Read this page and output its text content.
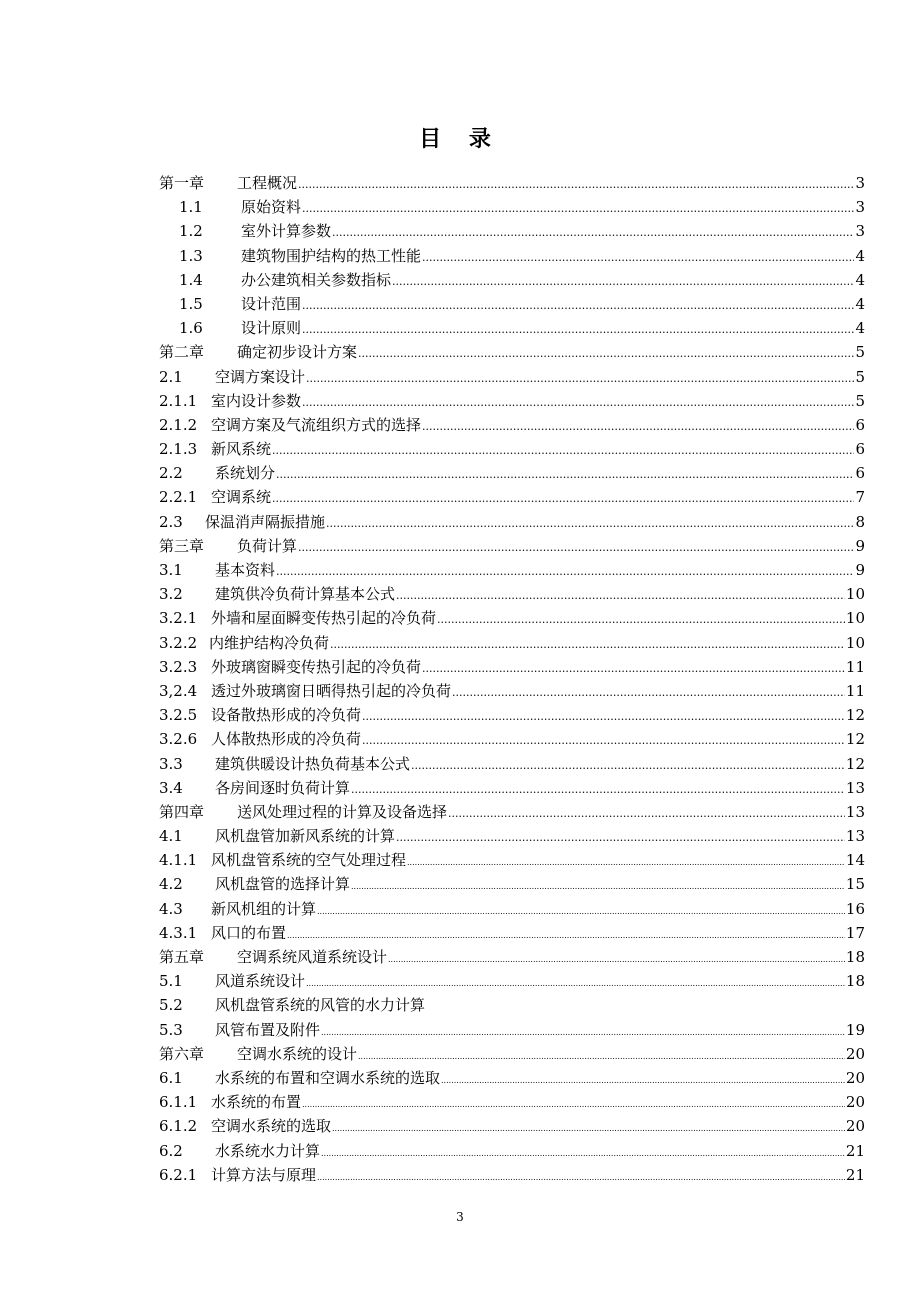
目 录
第一章	工程概况 .....	3
1.1	原始资料 .....	3
1.2	室外计算参数 .....	3
1.3	建筑物围护结构的热工性能 .....	4
1.4	办公建筑相关参数指标 .....	4
1.5	设计范围 .....	4
1.6	设计原则 .....	4
第二章	确定初步设计方案 .....	5
2.1 空调方案设计 .....	5
2.1.1 室内设计参数 .....	5
2.1.2 空调方案及气流组织方式的选择 .....	6
2.1.3 新风系统 .....	6
2.2 系统划分 .....	6
2.2.1 空调系统 .....	7
2.3 保温消声隔振措施 .....	8
第三章	负荷计算 .....	9
3.1 基本资料 .....	9
3.2 建筑供冷负荷计算基本公式 .....	10
3.2.1 外墙和屋面瞬变传热引起的冷负荷 .....	10
3.2.2 内维护结构冷负荷 .....	10
3.2.3 外玻璃窗瞬变传热引起的冷负荷 .....	11
3,2.4 透过外玻璃窗日晒得热引起的冷负荷 .....	11
3.2.5 设备散热形成的冷负荷 .....	12
3.2.6 人体散热形成的冷负荷 .....	12
3.3 建筑供暖设计热负荷基本公式 .....	12
3.4 各房间逐时负荷计算 .....	13
第四章	送风处理过程的计算及设备选择 .....	13
4.1 风机盘管加新风系统的计算 .....	13
4.1.1 风机盘管系统的空气处理过程 .....	14
4.2 风机盘管的选择计算 .....	15
4.3 新风机组的计算 .....	16
4.3.1 风口的布置 .....	17
第五章	空调系统风道系统设计 .....	18
5.1 风道系统设计 .....	18
5.2 风机盘管系统的风管的水力计算
5.3 风管布置及附件 .....	19
第六章	空调水系统的设计 .....	20
6.1 水系统的布置和空调水系统的选取 .....	20
6.1.1 水系统的布置 .....	20
6.1.2 空调水系统的选取 .....	20
6.2 水系统水力计算 .....	21
6.2.1 计算方法与原理 .....	21
3
